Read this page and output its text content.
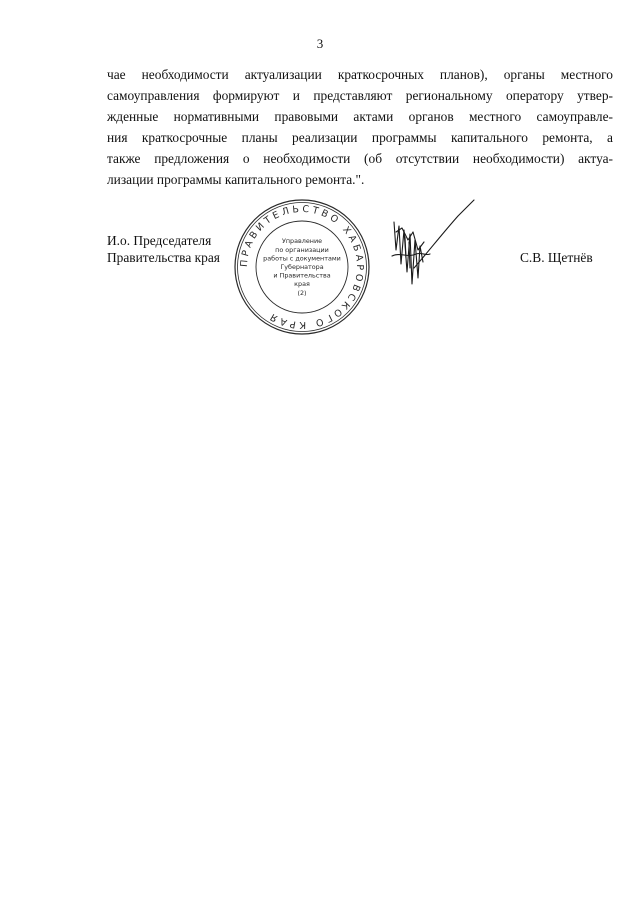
3
чае необходимости актуализации краткосрочных планов), органы местного
самоуправления формируют и представляют региональному оператору утвер-
жденные нормативными правовыми актами органов местного самоуправле-
ния краткосрочные планы реализации программы капитального ремонта, а
также предложения о необходимости (об отсутствии необходимости) актуа-
лизации программы капитального ремонта.".
И.о. Председателя
Правительства края	С.В. Щетнёв
ПРАВИТЕЛЬСТВО ХАБАРОВСКОГО КРАЯ
Управление
по организации
работы с документами
Губернатора
и Правительства
края
(2)
